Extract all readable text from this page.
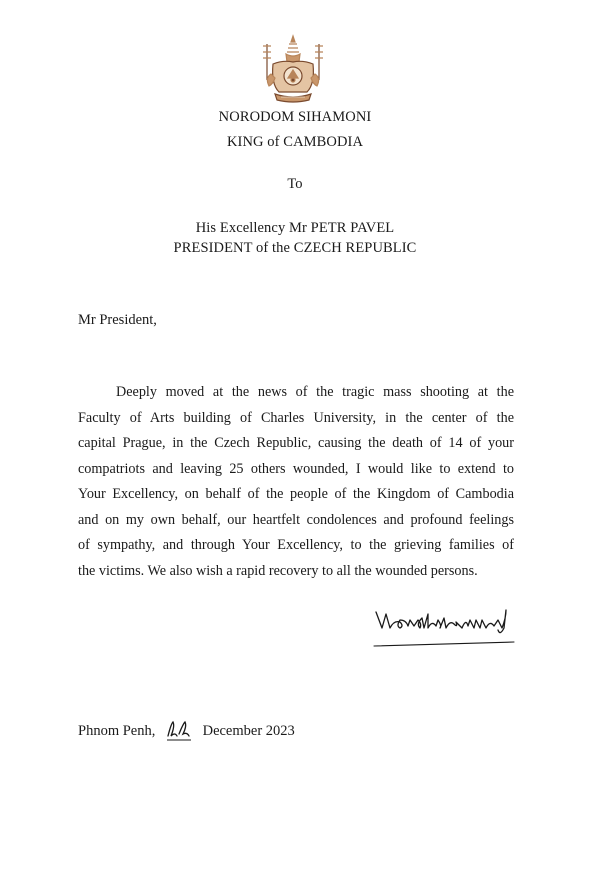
NORODOM SIHAMONI
KING of CAMBODIA
To
His Excellency Mr PETR PAVEL
PRESIDENT of the CZECH REPUBLIC
Mr President,
Deeply moved at the news of the tragic mass shooting at the
Faculty of Arts building of Charles University, in the center of the
capital Prague, in the Czech Republic, causing the death of 14 of your
compatriots and leaving 25 others wounded, I would like to extend to
Your Excellency, on behalf of the people of the Kingdom of Cambodia
and on my own behalf, our heartfelt condolences and profound feelings
of sympathy, and through Your Excellency, to the grieving families of
the victims. We also wish a rapid recovery to all the wounded persons.
Phnom Penh,	December 2023
